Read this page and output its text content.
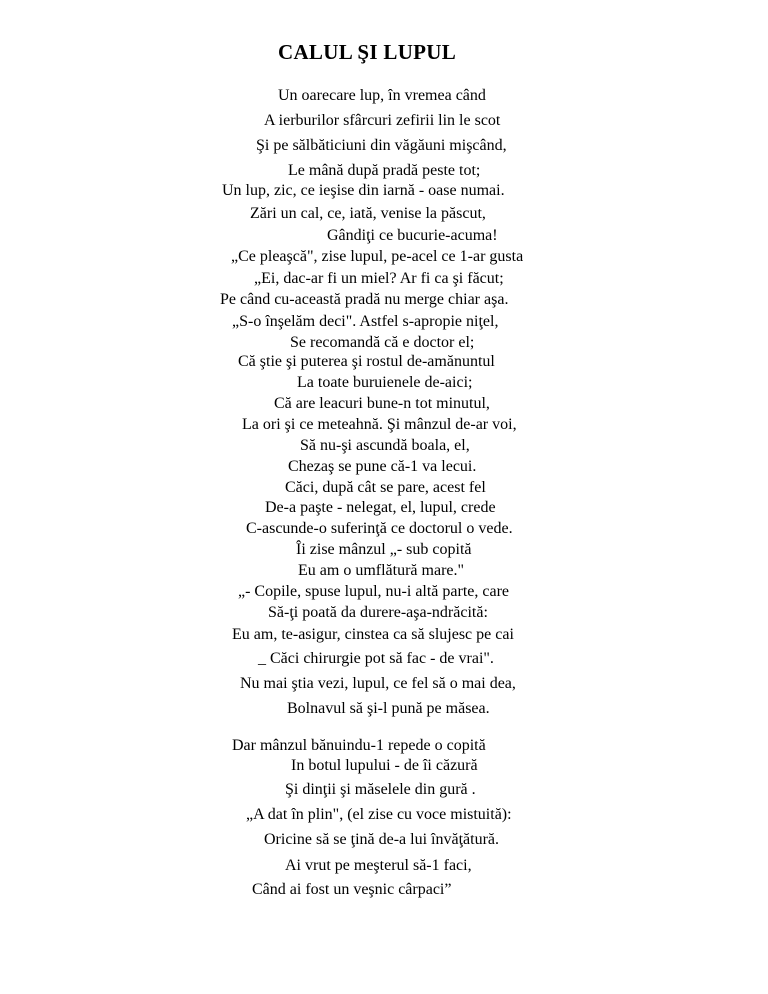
CALUL ŞI LUPUL
Un oarecare lup, în vremea când
A ierburilor sfârcuri zefirii lin le scot
Şi pe sălbăticiuni din văgăuni mişcând,
Le mână după pradă peste tot;
Un lup, zic, ce ieşise din iarnă - oase numai.
Zări un cal, ce, iată, venise la păscut,
Gândiţi ce bucurie-acuma!
„Ce pleaşcă", zise lupul, pe-acel ce 1-ar gusta
„Ei, dac-ar fi un miel? Ar fi ca şi făcut;
Pe când cu-această pradă nu merge chiar aşa.
„S-o înşelăm deci". Astfel s-apropie niţel,
Se recomandă că e doctor el;
Că ştie şi puterea şi rostul de-amănuntul
La toate buruienele de-aici;
Că are leacuri bune-n tot minutul,
La ori şi ce meteahnă. Şi mânzul de-ar voi,
Să nu-şi ascundă boala, el,
Chezaş se pune că-1 va lecui.
Căci, după cât se pare, acest fel
De-a paşte - nelegat, el, lupul, crede
C-ascunde-o suferinţă ce doctorul o vede.
Îi zise mânzul „- sub copită
Eu am o umflătură mare."
„- Copile, spuse lupul, nu-i altă parte, care
Să-ţi poată da durere-aşa-ndrăcită:
Eu am, te-asigur, cinstea ca să slujesc pe cai
_ Căci chirurgie pot să fac - de vrai".
Nu mai ştia vezi, lupul, ce fel să o mai dea,
Bolnavul să şi-l pună pe măsea.
Dar mânzul bănuindu-1 repede o copită
In botul lupului - de îi căzură
Şi dinţii şi măselele din gură .
„A dat în plin", (el zise cu voce mistuită):
Oricine să se ţină de-a lui învăţătură.
Ai vrut pe meşterul să-1 faci,
Când ai fost un veşnic cârpaci”
